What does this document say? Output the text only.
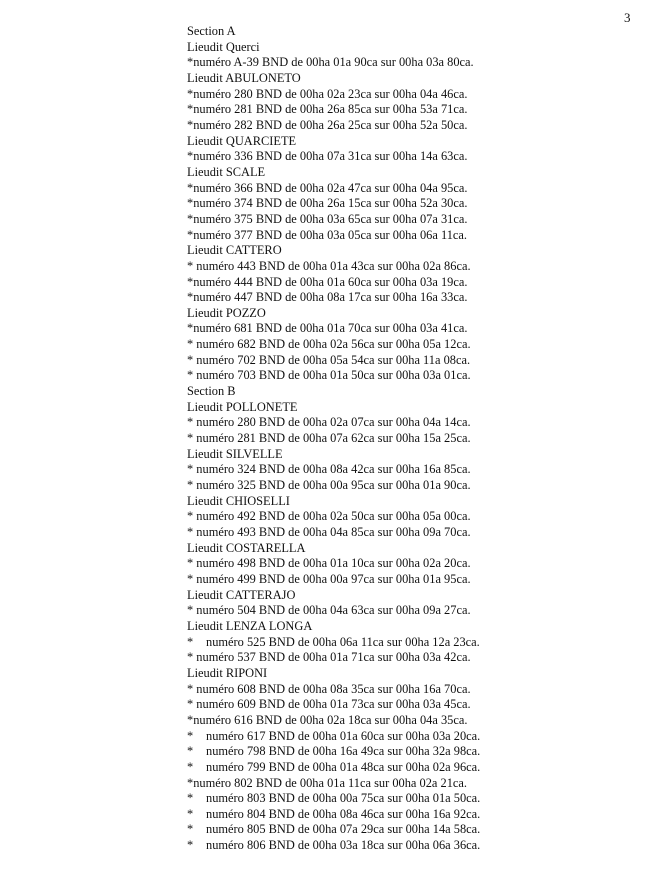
3
Section A
Lieudit Querci
*numéro A-39 BND de 00ha 01a 90ca sur 00ha 03a 80ca.
Lieudit ABULONETO
*numéro 280 BND de 00ha 02a 23ca sur 00ha 04a 46ca.
*numéro 281 BND de 00ha 26a 85ca sur 00ha 53a 71ca.
*numéro 282 BND de 00ha 26a 25ca sur 00ha 52a 50ca.
Lieudit QUARCIETE
*numéro 336 BND de 00ha 07a 31ca sur 00ha 14a 63ca.
Lieudit SCALE
*numéro 366 BND de 00ha 02a 47ca sur 00ha 04a 95ca.
*numéro 374 BND de 00ha 26a 15ca sur 00ha 52a 30ca.
*numéro 375 BND de 00ha 03a 65ca sur 00ha 07a 31ca.
*numéro 377 BND de 00ha 03a 05ca sur 00ha 06a 11ca.
Lieudit CATTERO
* numéro 443 BND de 00ha 01a 43ca sur 00ha 02a 86ca.
*numéro 444 BND de 00ha 01a 60ca sur 00ha 03a 19ca.
*numéro 447 BND de 00ha 08a 17ca sur 00ha 16a 33ca.
Lieudit POZZO
*numéro 681 BND de 00ha 01a 70ca sur 00ha 03a 41ca.
* numéro 682 BND de 00ha 02a 56ca sur 00ha 05a 12ca.
* numéro 702 BND de 00ha 05a 54ca sur 00ha 11a 08ca.
* numéro 703 BND de 00ha 01a 50ca sur 00ha 03a 01ca.
Section B
Lieudit POLLONETE
* numéro 280 BND de 00ha 02a 07ca sur 00ha 04a 14ca.
* numéro 281 BND de 00ha 07a 62ca sur 00ha 15a 25ca.
Lieudit SILVELLE
* numéro 324 BND de 00ha 08a 42ca sur 00ha 16a 85ca.
* numéro 325 BND de 00ha 00a 95ca sur 00ha 01a 90ca.
Lieudit CHIOSELLI
* numéro 492 BND de 00ha 02a 50ca sur 00ha 05a 00ca.
* numéro 493 BND de 00ha 04a 85ca sur 00ha 09a 70ca.
Lieudit COSTARELLA
* numéro 498 BND de 00ha 01a 10ca sur 00ha 02a 20ca.
* numéro 499 BND de 00ha 00a 97ca sur 00ha 01a 95ca.
Lieudit CATTERAJO
* numéro 504 BND de 00ha 04a 63ca sur 00ha 09a 27ca.
Lieudit LENZA LONGA
* numéro 525 BND de 00ha 06a 11ca sur 00ha 12a 23ca.
* numéro 537 BND de 00ha 01a 71ca sur 00ha 03a 42ca.
Lieudit RIPONI
* numéro 608 BND de 00ha 08a 35ca sur 00ha 16a 70ca.
* numéro 609 BND de 00ha 01a 73ca sur 00ha 03a 45ca.
*numéro 616 BND de 00ha 02a 18ca sur 00ha 04a 35ca.
* numéro 617 BND de 00ha 01a 60ca sur 00ha 03a 20ca.
* numéro 798 BND de 00ha 16a 49ca sur 00ha 32a 98ca.
* numéro 799 BND de 00ha 01a 48ca sur 00ha 02a 96ca.
*numéro 802 BND de 00ha 01a 11ca sur 00ha 02a 21ca.
* numéro 803 BND de 00ha 00a 75ca sur 00ha 01a 50ca.
* numéro 804 BND de 00ha 08a 46ca sur 00ha 16a 92ca.
* numéro 805 BND de 00ha 07a 29ca sur 00ha 14a 58ca.
* numéro 806 BND de 00ha 03a 18ca sur 00ha 06a 36ca.
